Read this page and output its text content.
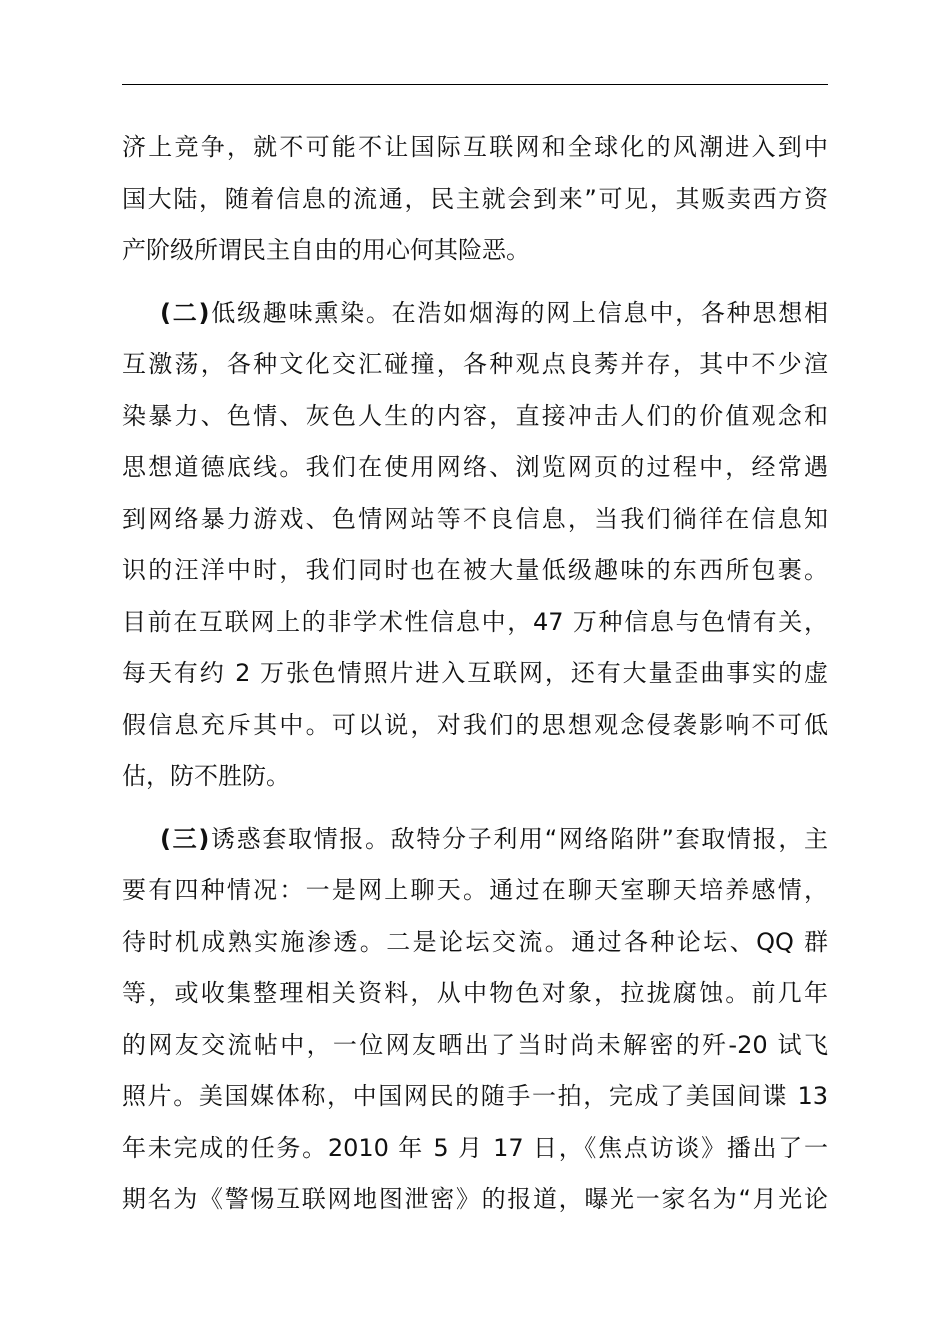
济上竞争，就不可能不让国际互联网和全球化的风潮进入到中
国大陆，随着信息的流通，民主就会到来”可见，其贩卖西方资
产阶级所谓民主自由的用心何其险恶。
(二)低级趣味熏染。在浩如烟海的网上信息中，各种思想相
互激荡，各种文化交汇碰撞，各种观点良莠并存，其中不少渲
染暴力、色情、灰色人生的内容，直接冲击人们的价值观念和
思想道德底线。我们在使用网络、浏览网页的过程中，经常遇
到网络暴力游戏、色情网站等不良信息，当我们徜徉在信息知
识的汪洋中时，我们同时也在被大量低级趣味的东西所包裹。
目前在互联网上的非学术性信息中，47 万种信息与色情有关，
每天有约 2 万张色情照片进入互联网，还有大量歪曲事实的虚
假信息充斥其中。可以说，对我们的思想观念侵袭影响不可低
估，防不胜防。
(三)诱惑套取情报。敌特分子利用“网络陷阱”套取情报，主
要有四种情况：一是网上聊天。通过在聊天室聊天培养感情，
待时机成熟实施渗透。二是论坛交流。通过各种论坛、QQ 群
等，或收集整理相关资料，从中物色对象，拉拢腐蚀。前几年
的网友交流帖中，一位网友晒出了当时尚未解密的歼-20 试飞
照片。美国媒体称，中国网民的随手一拍，完成了美国间谍 13
年未完成的任务。2010 年 5 月 17 日，《焦点访谈》播出了一
期名为《警惕互联网地图泄密》的报道，曝光一家名为“月光论
